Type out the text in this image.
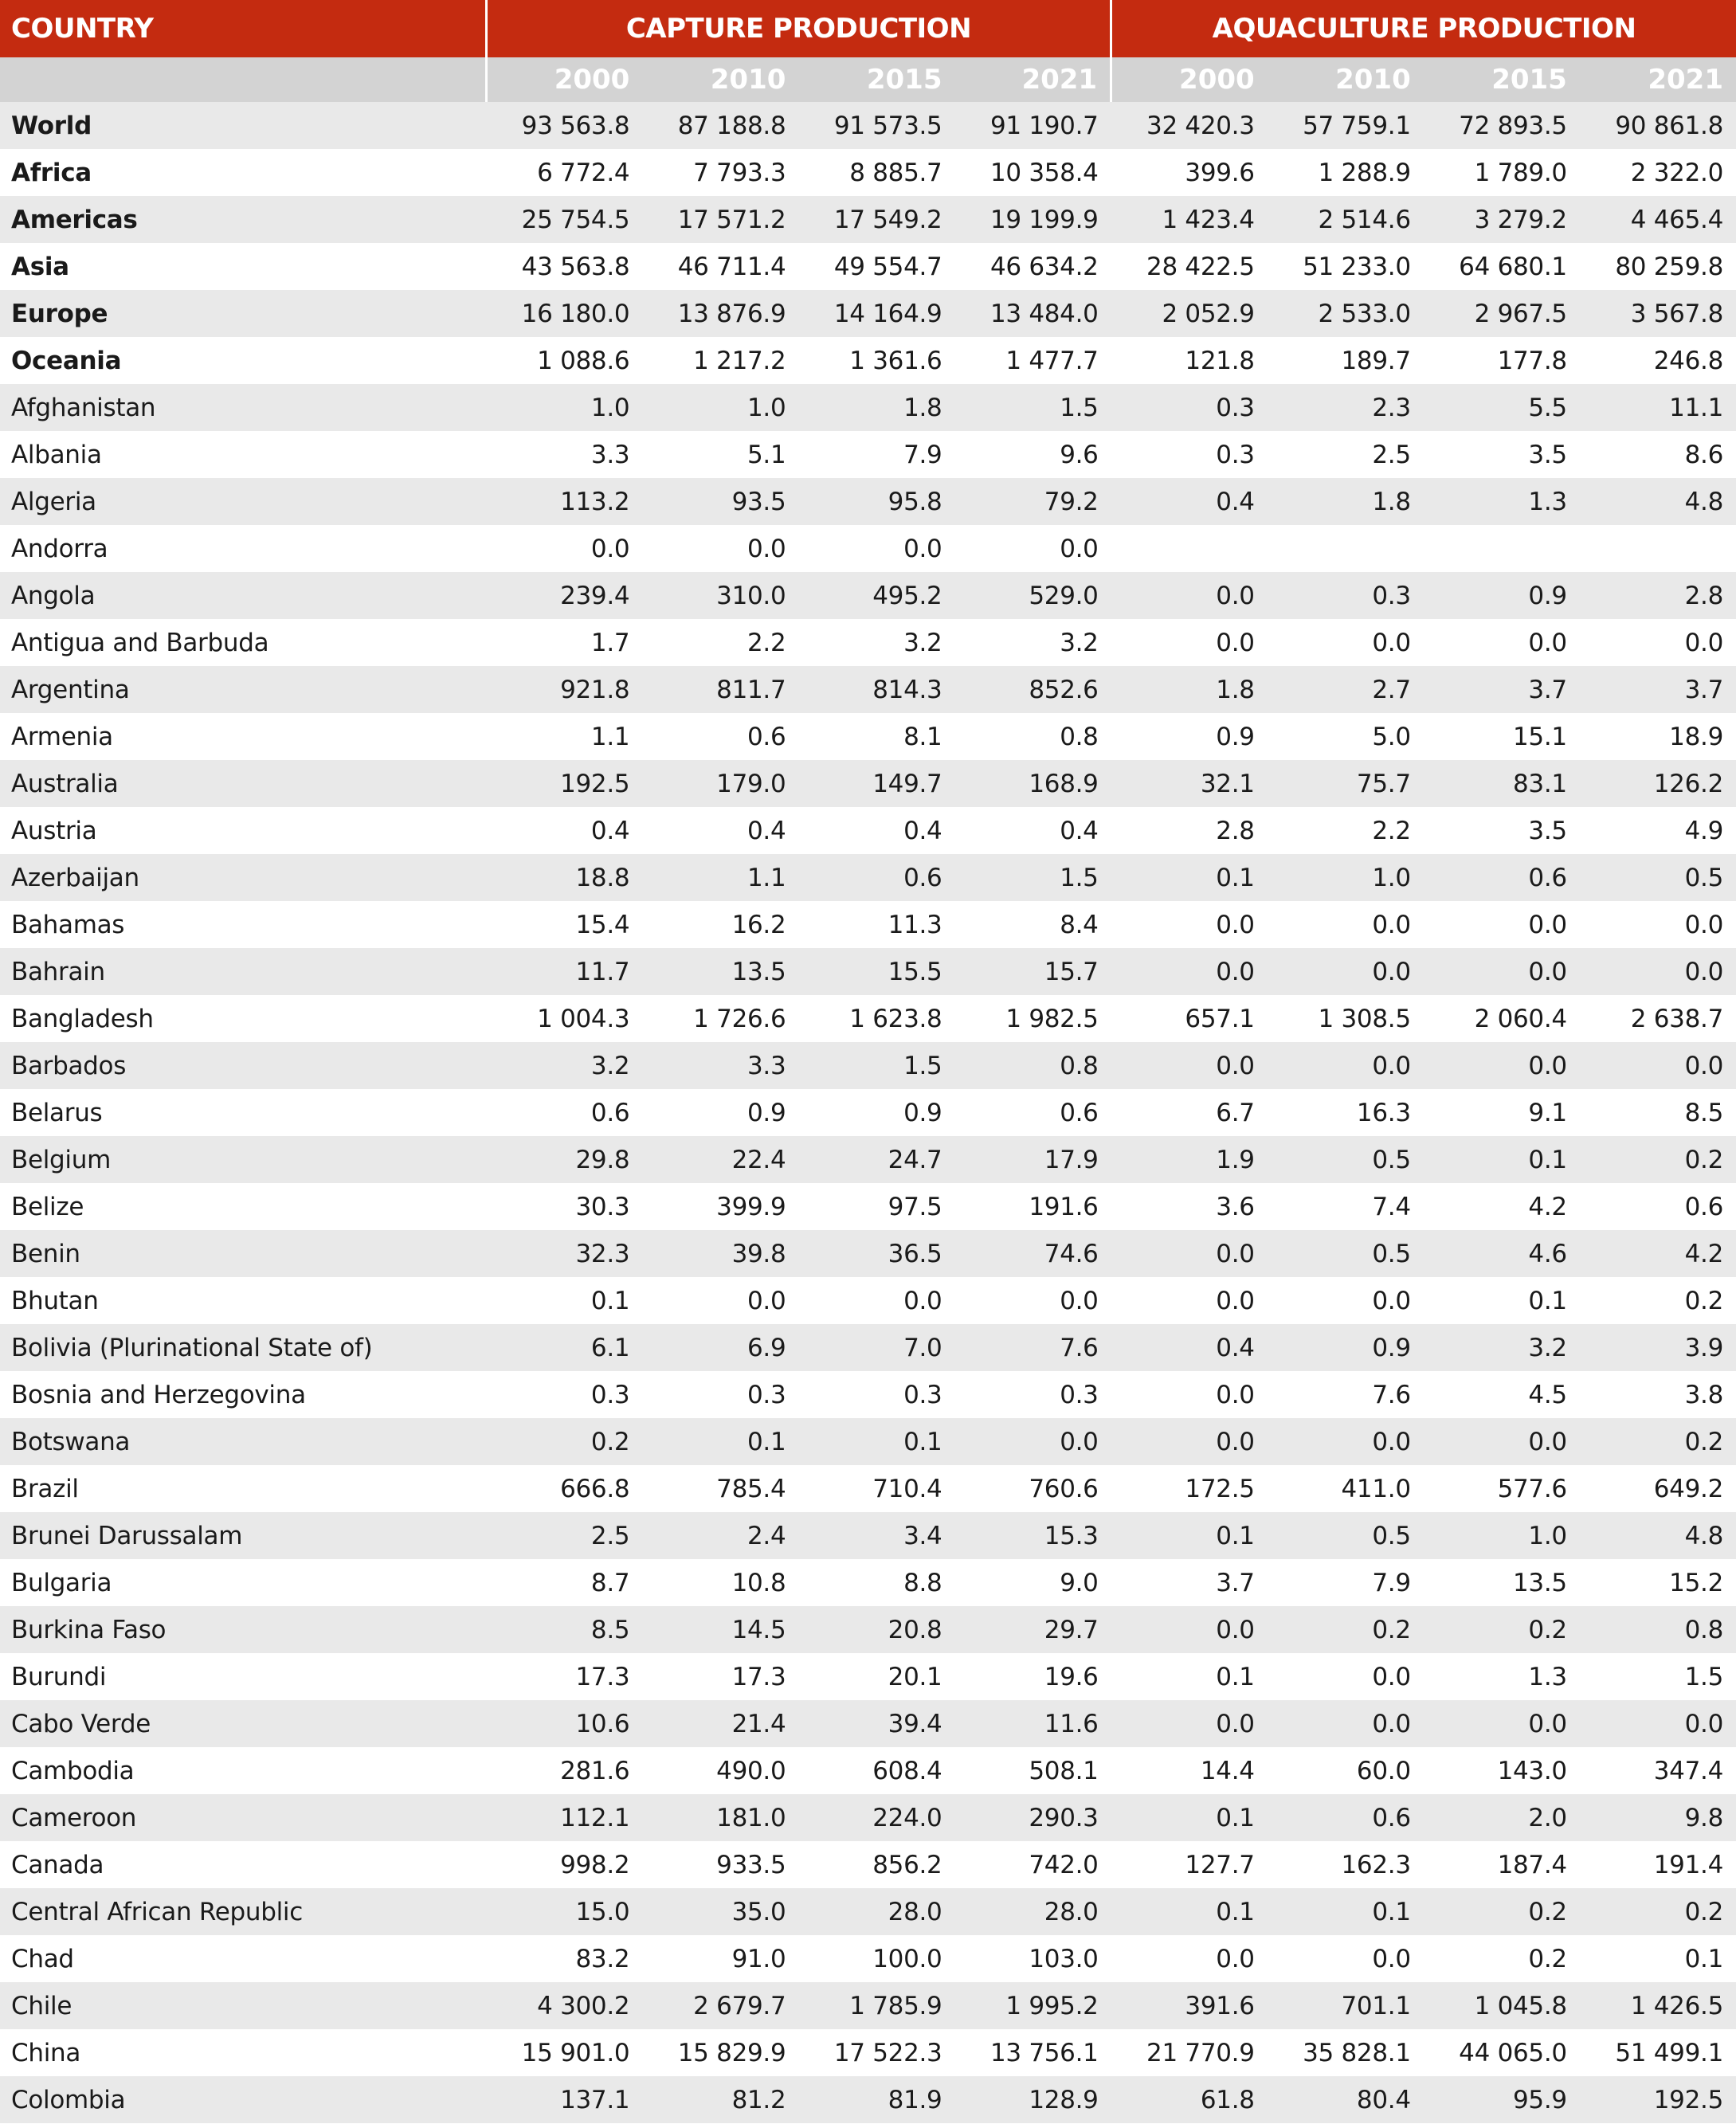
COUNTRY	CAPTURE PRODUCTION				AQUACULTURE PRODUCTION			
	2000	2010	2015	2021	2000	2010	2015	2021
World	93 563.8	87 188.8	91 573.5	91 190.7	32 420.3	57 759.1	72 893.5	90 861.8
Africa	6 772.4	7 793.3	8 885.7	10 358.4	399.6	1 288.9	1 789.0	2 322.0
Americas	25 754.5	17 571.2	17 549.2	19 199.9	1 423.4	2 514.6	3 279.2	4 465.4
Asia	43 563.8	46 711.4	49 554.7	46 634.2	28 422.5	51 233.0	64 680.1	80 259.8
Europe	16 180.0	13 876.9	14 164.9	13 484.0	2 052.9	2 533.0	2 967.5	3 567.8
Oceania	1 088.6	1 217.2	1 361.6	1 477.7	121.8	189.7	177.8	246.8
Afghanistan	1.0	1.0	1.8	1.5	0.3	2.3	5.5	11.1
Albania	3.3	5.1	7.9	9.6	0.3	2.5	3.5	8.6
Algeria	113.2	93.5	95.8	79.2	0.4	1.8	1.3	4.8
Andorra	0.0	0.0	0.0	0.0				
Angola	239.4	310.0	495.2	529.0	0.0	0.3	0.9	2.8
Antigua and Barbuda	1.7	2.2	3.2	3.2	0.0	0.0	0.0	0.0
Argentina	921.8	811.7	814.3	852.6	1.8	2.7	3.7	3.7
Armenia	1.1	0.6	8.1	0.8	0.9	5.0	15.1	18.9
Australia	192.5	179.0	149.7	168.9	32.1	75.7	83.1	126.2
Austria	0.4	0.4	0.4	0.4	2.8	2.2	3.5	4.9
Azerbaijan	18.8	1.1	0.6	1.5	0.1	1.0	0.6	0.5
Bahamas	15.4	16.2	11.3	8.4	0.0	0.0	0.0	0.0
Bahrain	11.7	13.5	15.5	15.7	0.0	0.0	0.0	0.0
Bangladesh	1 004.3	1 726.6	1 623.8	1 982.5	657.1	1 308.5	2 060.4	2 638.7
Barbados	3.2	3.3	1.5	0.8	0.0	0.0	0.0	0.0
Belarus	0.6	0.9	0.9	0.6	6.7	16.3	9.1	8.5
Belgium	29.8	22.4	24.7	17.9	1.9	0.5	0.1	0.2
Belize	30.3	399.9	97.5	191.6	3.6	7.4	4.2	0.6
Benin	32.3	39.8	36.5	74.6	0.0	0.5	4.6	4.2
Bhutan	0.1	0.0	0.0	0.0	0.0	0.0	0.1	0.2
Bolivia (Plurinational State of)	6.1	6.9	7.0	7.6	0.4	0.9	3.2	3.9
Bosnia and Herzegovina	0.3	0.3	0.3	0.3	0.0	7.6	4.5	3.8
Botswana	0.2	0.1	0.1	0.0	0.0	0.0	0.0	0.2
Brazil	666.8	785.4	710.4	760.6	172.5	411.0	577.6	649.2
Brunei Darussalam	2.5	2.4	3.4	15.3	0.1	0.5	1.0	4.8
Bulgaria	8.7	10.8	8.8	9.0	3.7	7.9	13.5	15.2
Burkina Faso	8.5	14.5	20.8	29.7	0.0	0.2	0.2	0.8
Burundi	17.3	17.3	20.1	19.6	0.1	0.0	1.3	1.5
Cabo Verde	10.6	21.4	39.4	11.6	0.0	0.0	0.0	0.0
Cambodia	281.6	490.0	608.4	508.1	14.4	60.0	143.0	347.4
Cameroon	112.1	181.0	224.0	290.3	0.1	0.6	2.0	9.8
Canada	998.2	933.5	856.2	742.0	127.7	162.3	187.4	191.4
Central African Republic	15.0	35.0	28.0	28.0	0.1	0.1	0.2	0.2
Chad	83.2	91.0	100.0	103.0	0.0	0.0	0.2	0.1
Chile	4 300.2	2 679.7	1 785.9	1 995.2	391.6	701.1	1 045.8	1 426.5
China	15 901.0	15 829.9	17 522.3	13 756.1	21 770.9	35 828.1	44 065.0	51 499.1
Colombia	137.1	81.2	81.9	128.9	61.8	80.4	95.9	192.5
